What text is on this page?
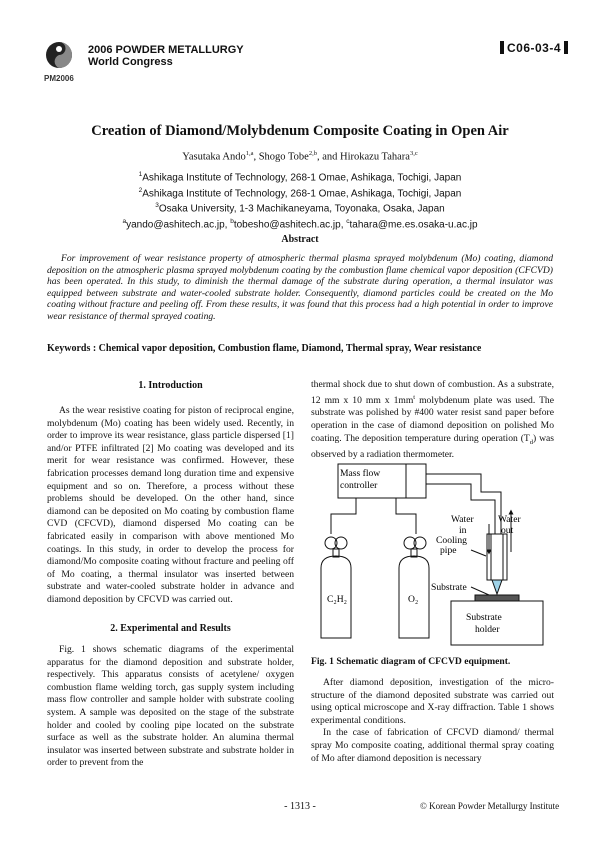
PM2006
2006 POWDER METALLURGY
World Congress
C06-03-4
Creation of Diamond/Molybdenum Composite Coating in Open Air
Yasutaka Ando$^{1,a}$, Shogo Tobe$^{2,b}$, and Hirokazu Tahara$^{3,c}$
$^1$Ashikaga Institute of Technology, 268-1 Omae, Ashikaga, Tochigi, Japan
$^2$Ashikaga Institute of Technology, 268-1 Omae, Ashikaga, Tochigi, Japan
$^3$Osaka University, 1-3 Machikaneyama, Toyonaka, Osaka, Japan
$^a$yando@ashitech.ac.jp, $^b$tobesho@ashitech.ac.jp, $^c$tahara@me.es.osaka-u.ac.jp
Abstract
For improvement of wear resistance property of atmospheric thermal plasma sprayed molybdenum (Mo) coating, diamond deposition on the atmospheric plasma sprayed molybdenum coating by the combustion flame chemical vapor deposition (CFCVD) has been operated. In this study, to diminish the thermal damage of the substrate during operation, a thermal insulator was equipped between substrate and water-cooled substrate holder. Consequently, diamond particles could be created on the Mo coating without fracture and peeling off. From these results, it was found that this process had a high potential in order to improve wear resistance of thermal sprayed coating.
Keywords : Chemical vapor deposition, Combustion flame, Diamond, Thermal spray, Wear resistance
1. Introduction

As the wear resistive coating for piston of reciprocal engine, molybdenum (Mo) coating has been widely used. Recently, in order to improve its wear resistance, glass particle dispersed [1] and/or PTFE infiltrated [2] Mo coating was developed and its merit for wear resistance was confirmed. However, these fabrication processes demand long duration time and expensive equipment and so on. Therefore, a process without these problems should be developed. On the other hand, since diamond can be deposited on Mo coating by combustion flame CVD (CFCVD), diamond dispersed Mo coating can be fabricated easily in comparison with above mentioned Mo coatings. In this study, in order to develop the process for diamond/Mo composite coating without fracture and peeling off of Mo coating, a thermal insulator was inserted between substrate and water-cooled substrate holder in advance and diamond deposition by CFCVD was carried out.

2. Experimental and Results

Fig. 1 shows schematic diagrams of the experimental apparatus for the diamond deposition and substrate holder, respectively. This apparatus consists of acetylene/ oxygen combustion flame welding torch, gas supply system including mass flow controller and sample holder with substrate cooling system. A sample was deposited on the stage of the substrate holder and cooled by cooling pipe located on the substrate surface as well as the substrate holder. An alumina thermal insulator was inserted between substrate and substrate holder in order to prevent from the

thermal shock due to shut down of combustion. As a substrate, 12 mm x 10 mm x $1mm^t$ molybdenum plate was used. The substrate was polished by #400 water resist sand paper before operation in the case of diamond deposition on polished Mo coating. The deposition temperature during operation $(T_d)$ was observed by a radiation thermometer.

Mass flow
controller
C₂H₂	O₂
Water
in
Water
out
Cooling
pipe
Substrate
Substrate
holder
Fig. 1 Schematic diagram of CFCVD equipment.

After diamond deposition, investigation of the micro-structure of the diamond deposited substrate was carried out using optical microscope and X-ray diffraction. Table 1 shows experimental conditions.

In the case of fabrication of CFCVD diamond/ thermal spray Mo composite coating, additional thermal spray coating of Mo after diamond deposition is necessary

- 1313 -	© Korean Powder Metallurgy Institute
